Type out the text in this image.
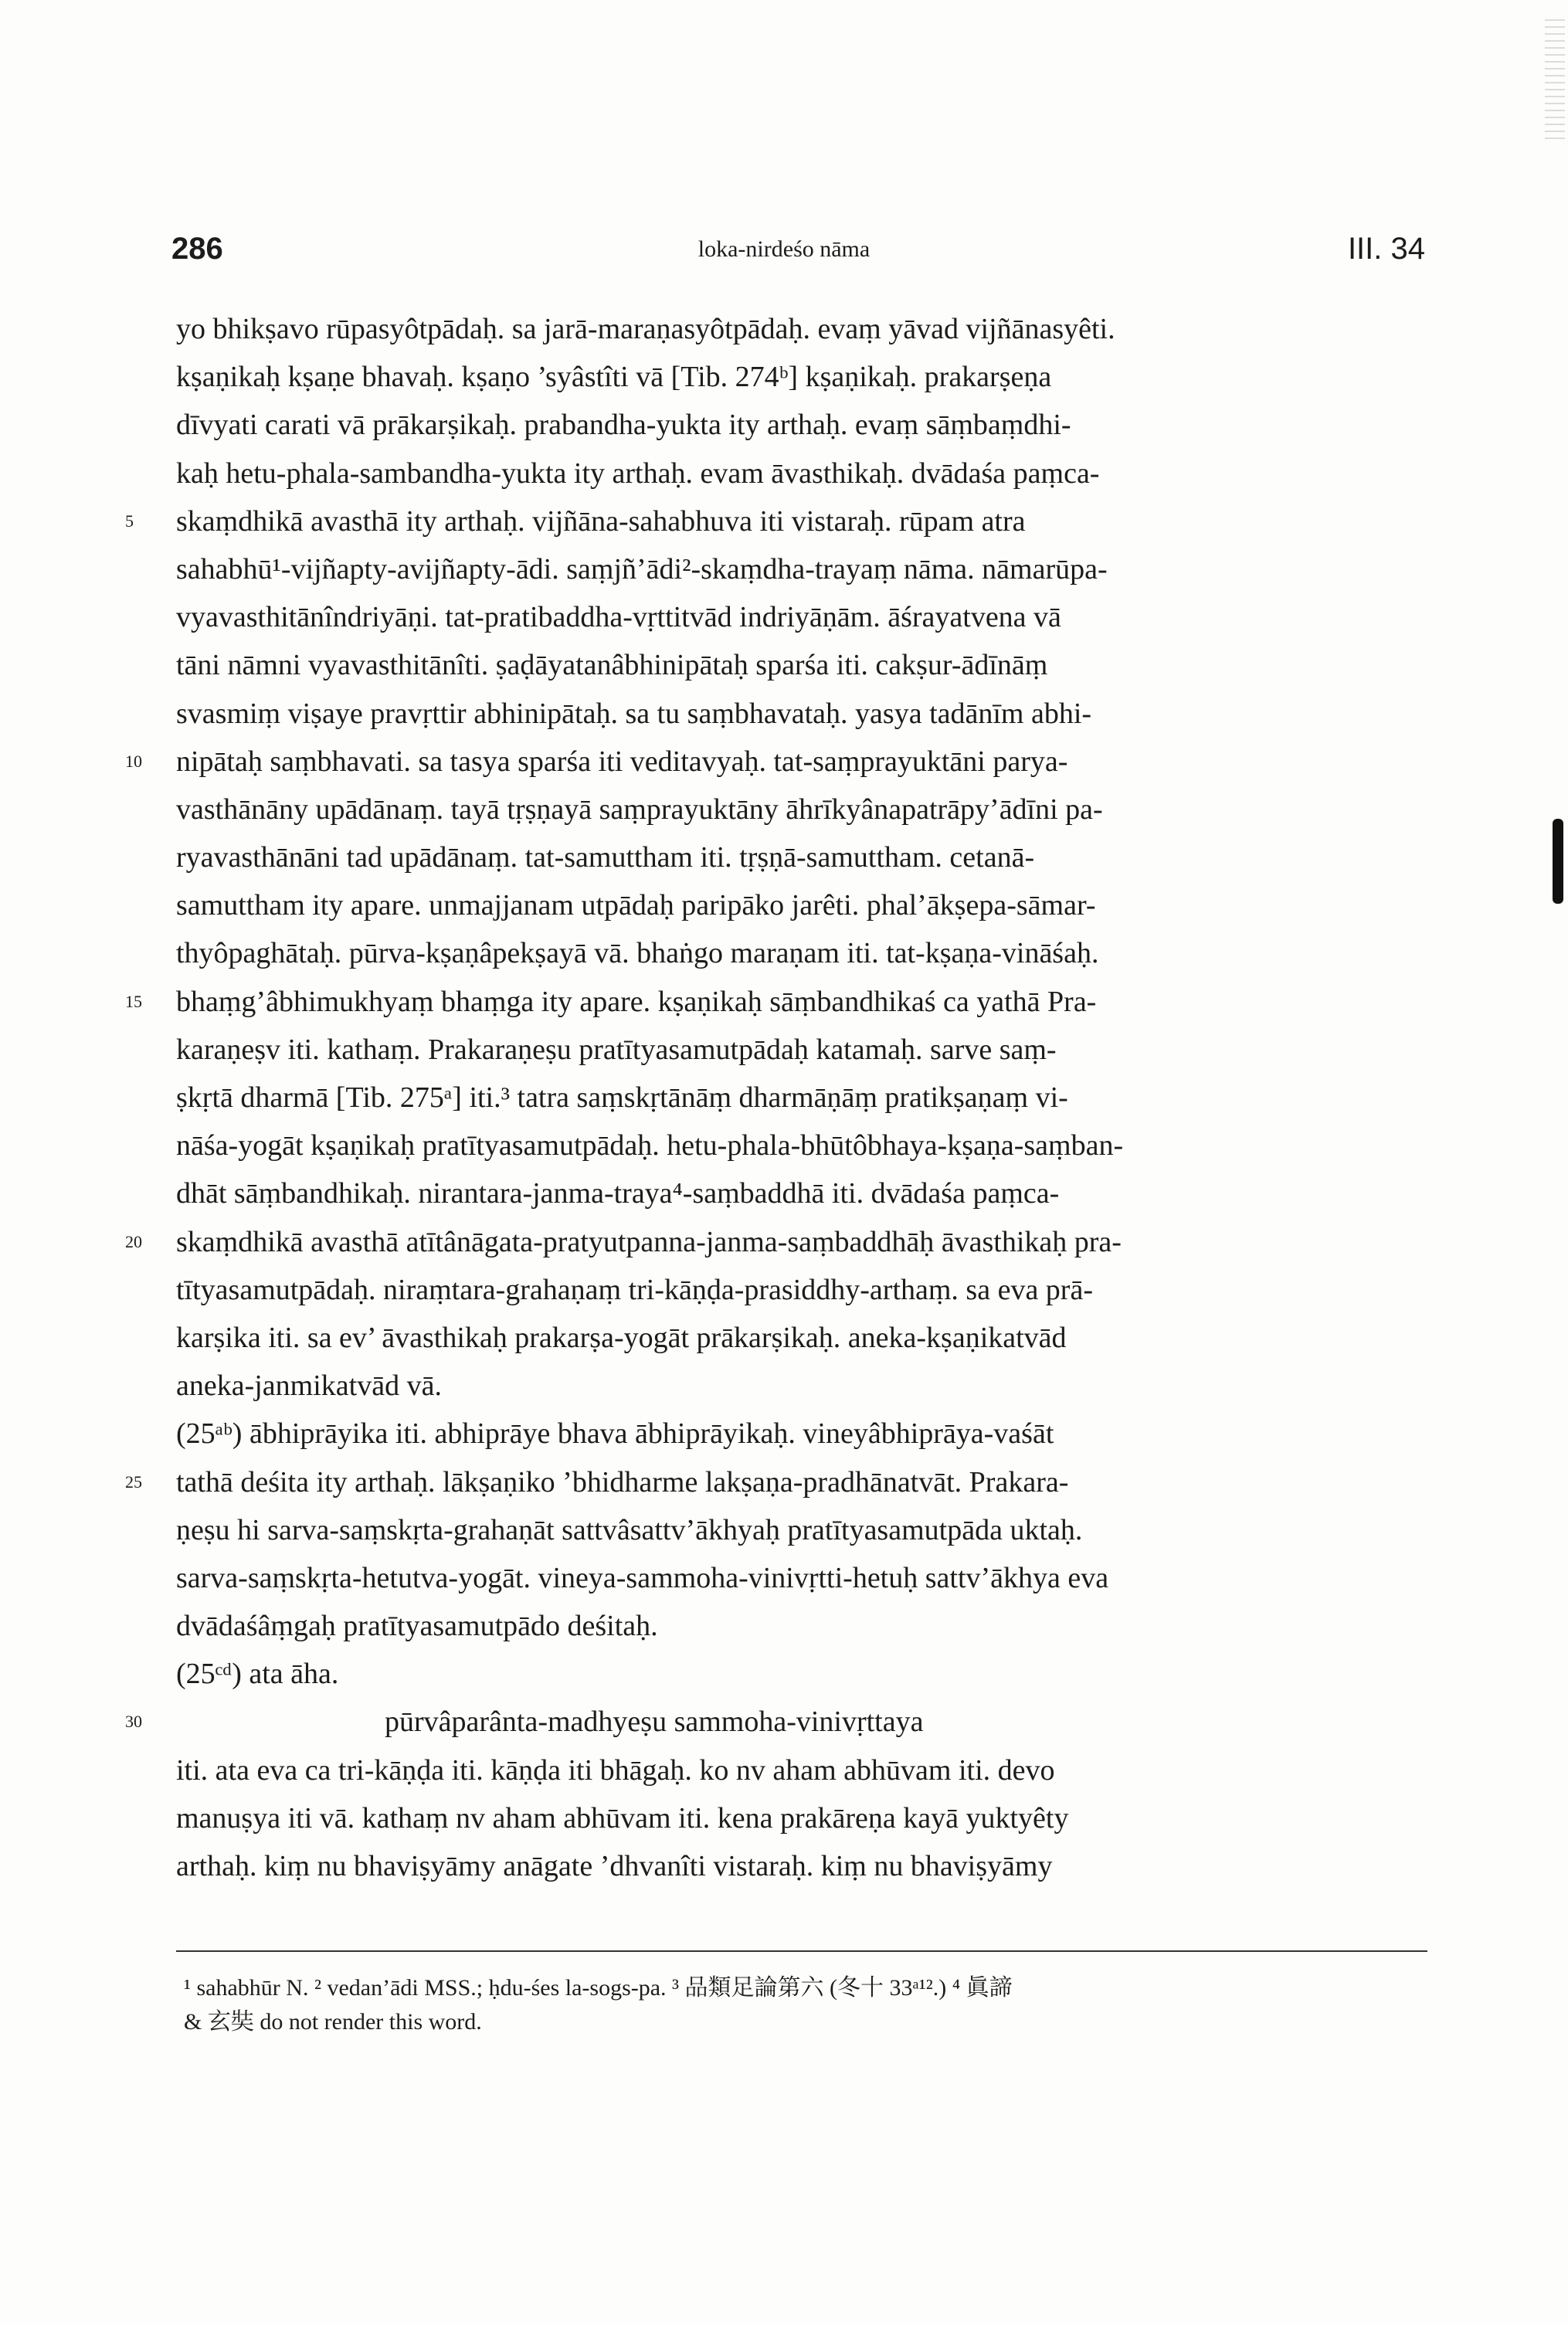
286	loka-nirdeśo nāma	III. 34
yo bhikṣavo rūpasyôtpādaḥ. sa jarā-maraṇasyôtpādaḥ. evaṃ yāvad vijñānasyêti.
kṣaṇikaḥ kṣaṇe bhavaḥ. kṣaṇo ’syâstîti vā [Tib. 274ᵇ] kṣaṇikaḥ. prakarṣeṇa
dīvyati carati vā prākarṣikaḥ. prabandha-yukta ity arthaḥ. evaṃ sāṃbaṃdhi-
kaḥ hetu-phala-sambandha-yukta ity arthaḥ. evam āvasthikaḥ. dvādaśa paṃca-
5	skaṃdhikā avasthā ity arthaḥ. vijñāna-sahabhuva iti vistaraḥ. rūpam atra
sahabhū¹-vijñapty-avijñapty-ādi. saṃjñ’ādi²-skaṃdha-trayaṃ nāma. nāmarūpa-
vyavasthitānîndriyāṇi. tat-pratibaddha-vṛttitvād indriyāṇām. āśrayatvena vā
tāni nāmni vyavasthitānîti. ṣaḍāyatanâbhinipātaḥ sparśa iti. cakṣur-ādīnāṃ
svasmiṃ viṣaye pravṛttir abhinipātaḥ. sa tu saṃbhavataḥ. yasya tadānīm abhi-
10	nipātaḥ saṃbhavati. sa tasya sparśa iti veditavyaḥ. tat-saṃprayuktāni parya-
vasthānāny upādānaṃ. tayā tṛṣṇayā saṃprayuktāny āhrīkyânapatrāpy’ādīni pa-
ryavasthānāni tad upādānaṃ. tat-samuttham iti. tṛṣṇā-samuttham. cetanā-
samuttham ity apare. unmajjanam utpādaḥ paripāko jarêti. phal’ākṣepa-sāmar-
thyôpaghātaḥ. pūrva-kṣaṇâpekṣayā vā. bhaṅgo maraṇam iti. tat-kṣaṇa-vināśaḥ.
15	bhaṃg’âbhimukhyaṃ bhaṃga ity apare. kṣaṇikaḥ sāṃbandhikaś ca yathā Pra-
karaṇeṣv iti. kathaṃ. Prakaraṇeṣu pratītyasamutpādaḥ katamaḥ. sarve saṃ-
ṣkṛtā dharmā [Tib. 275ᵃ] iti.³ tatra saṃskṛtānāṃ dharmāṇāṃ pratikṣaṇaṃ vi-
nāśa-yogāt kṣaṇikaḥ pratītyasamutpādaḥ. hetu-phala-bhūtôbhaya-kṣaṇa-saṃban-
dhāt sāṃbandhikaḥ. nirantara-janma-traya⁴-saṃbaddhā iti. dvādaśa paṃca-
20	skaṃdhikā avasthā atītânāgata-pratyutpanna-janma-saṃbaddhāḥ āvasthikaḥ pra-
tītyasamutpādaḥ. niraṃtara-grahaṇaṃ tri-kāṇḍa-prasiddhy-arthaṃ. sa eva prā-
karṣika iti. sa ev’ āvasthikaḥ prakarṣa-yogāt prākarṣikaḥ. aneka-kṣaṇikatvād
aneka-janmikatvād vā.
(25ᵃᵇ) ābhiprāyika iti. abhiprāye bhava ābhiprāyikaḥ. vineyâbhiprāya-vaśāt
25	tathā deśita ity arthaḥ. lākṣaṇiko ’bhidharme lakṣaṇa-pradhānatvāt. Prakara-
ṇeṣu hi sarva-saṃskṛta-grahaṇāt sattvâsattv’ākhyaḥ pratītyasamutpāda uktaḥ.
sarva-saṃskṛta-hetutva-yogāt. vineya-sammoha-vinivṛtti-hetuḥ sattv’ākhya eva
dvādaśâṃgaḥ pratītyasamutpādo deśitaḥ.
(25ᶜᵈ) ata āha.
30	pūrvâparânta-madhyeṣu sammoha-vinivṛttaya
iti. ata eva ca tri-kāṇḍa iti. kāṇḍa iti bhāgaḥ. ko nv aham abhūvam iti. devo
manuṣya iti vā. kathaṃ nv aham abhūvam iti. kena prakāreṇa kayā yuktyêty
arthaḥ. kiṃ nu bhaviṣyāmy anāgate ’dhvanîti vistaraḥ. kiṃ nu bhaviṣyāmy
¹ sahabhūr N. ² vedan’ādi MSS.; ḥdu-śes la-sogs-pa. ³ 品類足論第六 (冬十 33ᵃ¹².) ⁴ 眞諦
& 玄奘 do not render this word.
